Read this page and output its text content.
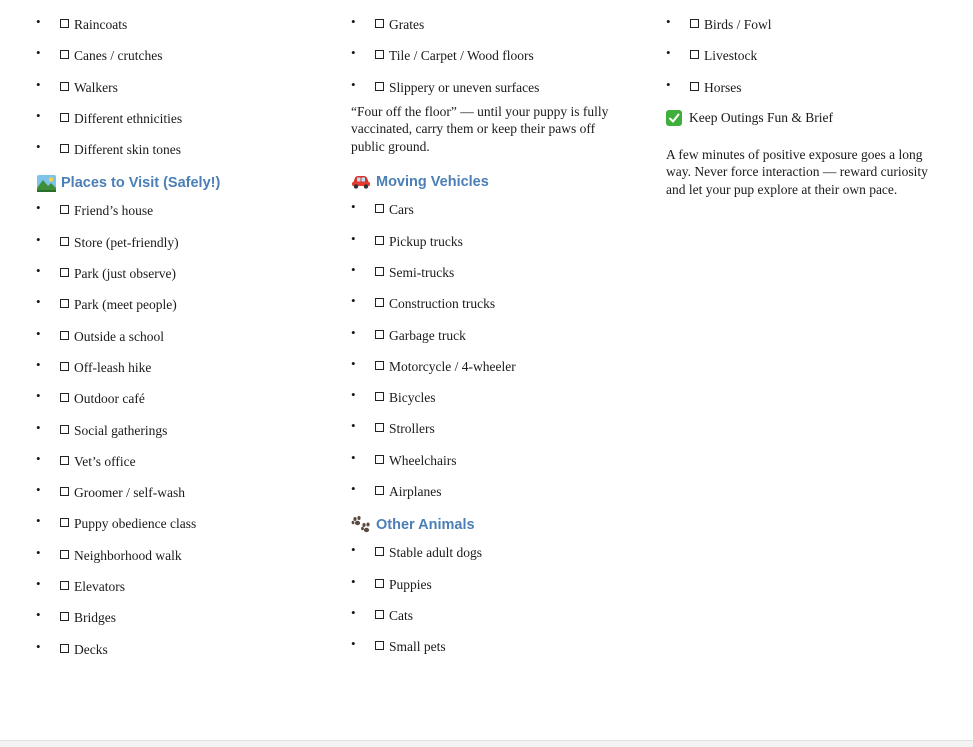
• Raincoats
• Canes / crutches
• Walkers
• Different ethnicities
• Different skin tones
Places to Visit (Safely!)
• Friend’s house
• Store (pet-friendly)
• Park (just observe)
• Park (meet people)
• Outside a school
• Off-leash hike
• Outdoor café
• Social gatherings
• Vet’s office
• Groomer / self-wash
• Puppy obedience class
• Neighborhood walk
• Elevators
• Bridges
• Decks
• Grates
• Tile / Carpet / Wood floors
• Slippery or uneven surfaces

“Four off the floor” — until your puppy is fully vaccinated, carry them or keep their paws off public ground.

Moving Vehicles
• Cars
• Pickup trucks
• Semi-trucks
• Construction trucks
• Garbage truck
• Motorcycle / 4-wheeler
• Bicycles
• Strollers
• Wheelchairs
• Airplanes
Other Animals
• Stable adult dogs
• Puppies
• Cats
• Small pets
• Birds / Fowl
• Livestock
• Horses
Keep Outings Fun & Brief

A few minutes of positive exposure goes a long way. Never force interaction — reward curiosity and let your pup explore at their own pace.
